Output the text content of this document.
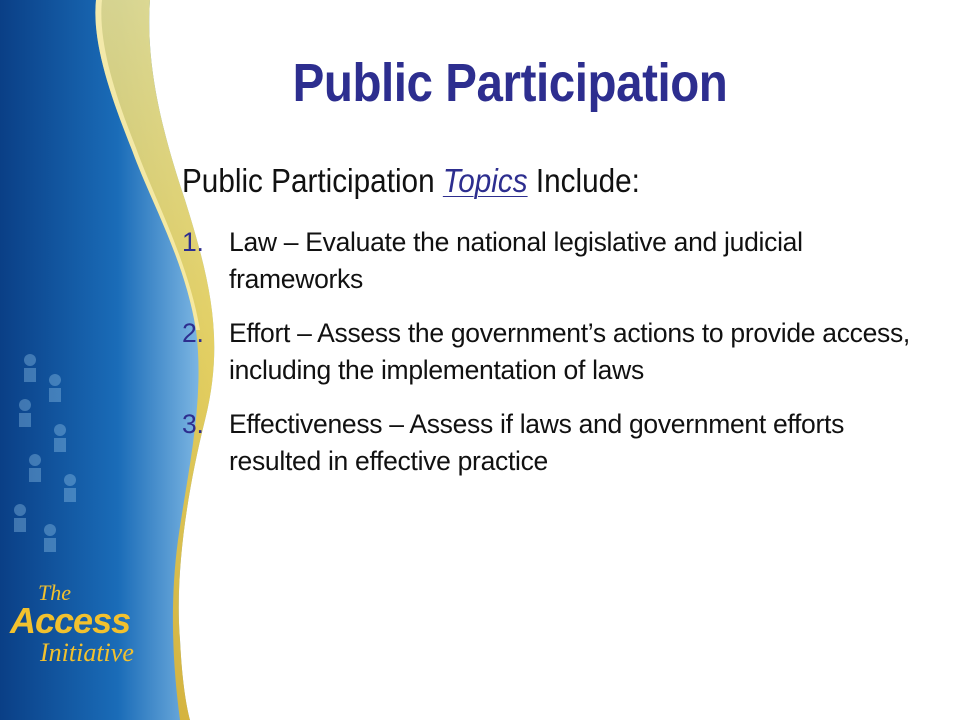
The
Access
Initiative
Public Participation
Public Participation Topics Include:
1. Law – Evaluate the national legislative and judicial frameworks
2. Effort – Assess the government’s actions to provide access, including the implementation of laws
3. Effectiveness – Assess if laws and government efforts resulted in effective practice
